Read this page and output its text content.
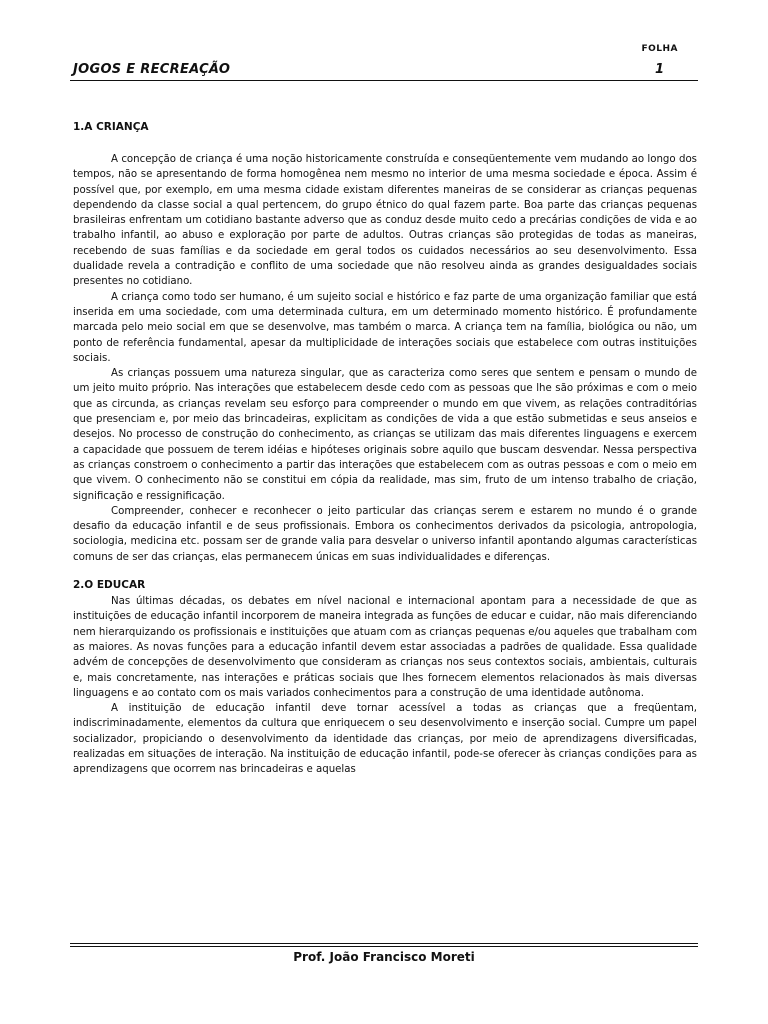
FOLHA
JOGOS E RECREAÇÃO	1
1.A CRIANÇA

A concepção de criança é uma noção historicamente construída e conseqüentemente vem mudando ao longo dos tempos, não se apresentando de forma homogênea nem mesmo no interior de uma mesma sociedade e época. Assim é possível que, por exemplo, em uma mesma cidade existam diferentes maneiras de se considerar as crianças pequenas dependendo da classe social a qual pertencem, do grupo étnico do qual fazem parte. Boa parte das crianças pequenas brasileiras enfrentam um cotidiano bastante adverso que as conduz desde muito cedo a precárias condições de vida e ao trabalho infantil, ao abuso e exploração por parte de adultos. Outras crianças são protegidas de todas as maneiras, recebendo de suas famílias e da sociedade em geral todos os cuidados necessários ao seu desenvolvimento. Essa dualidade revela a contradição e conflito de uma sociedade que não resolveu ainda as grandes desigualdades sociais presentes no cotidiano.

A criança como todo ser humano, é um sujeito social e histórico e faz parte de uma organização familiar que está inserida em uma sociedade, com uma determinada cultura, em um determinado momento histórico. É profundamente marcada pelo meio social em que se desenvolve, mas também o marca. A criança tem na família, biológica ou não, um ponto de referência fundamental, apesar da multiplicidade de interações sociais que estabelece com outras instituições sociais.

As crianças possuem uma natureza singular, que as caracteriza como seres que sentem e pensam o mundo de um jeito muito próprio. Nas interações que estabelecem desde cedo com as pessoas que lhe são próximas e com o meio que as circunda, as crianças revelam seu esforço para compreender o mundo em que vivem, as relações contraditórias que presenciam e, por meio das brincadeiras, explicitam as condições de vida a que estão submetidas e seus anseios e desejos. No processo de construção do conhecimento, as crianças se utilizam das mais diferentes linguagens e exercem a capacidade que possuem de terem idéias e hipóteses originais sobre aquilo que buscam desvendar. Nessa perspectiva as crianças constroem o conhecimento a partir das interações que estabelecem com as outras pessoas e com o meio em que vivem. O conhecimento não se constitui em cópia da realidade, mas sim, fruto de um intenso trabalho de criação, significação e ressignificação.

Compreender, conhecer e reconhecer o jeito particular das crianças serem e estarem no mundo é o grande desafio da educação infantil e de seus profissionais. Embora os conhecimentos derivados da psicologia, antropologia, sociologia, medicina etc. possam ser de grande valia para desvelar o universo infantil apontando algumas características comuns de ser das crianças, elas permanecem únicas em suas individualidades e diferenças.

2.O EDUCAR

Nas últimas décadas, os debates em nível nacional e internacional apontam para a necessidade de que as instituições de educação infantil incorporem de maneira integrada as funções de educar e cuidar, não mais diferenciando nem hierarquizando os profissionais e instituições que atuam com as crianças pequenas e/ou aqueles que trabalham com as maiores. As novas funções para a educação infantil devem estar associadas a padrões de qualidade. Essa qualidade advém de concepções de desenvolvimento que consideram as crianças nos seus contextos sociais, ambientais, culturais e, mais concretamente, nas interações e práticas sociais que lhes fornecem elementos relacionados às mais diversas linguagens e ao contato com os mais variados conhecimentos para a construção de uma identidade autônoma.

A instituição de educação infantil deve tornar acessível a todas as crianças que a freqüentam, indiscriminadamente, elementos da cultura que enriquecem o seu desenvolvimento e inserção social. Cumpre um papel socializador, propiciando o desenvolvimento da identidade das crianças, por meio de aprendizagens diversificadas, realizadas em situações de interação. Na instituição de educação infantil, pode-se oferecer às crianças condições para as aprendizagens que ocorrem nas brincadeiras e aquelas

Prof. João Francisco Moreti
